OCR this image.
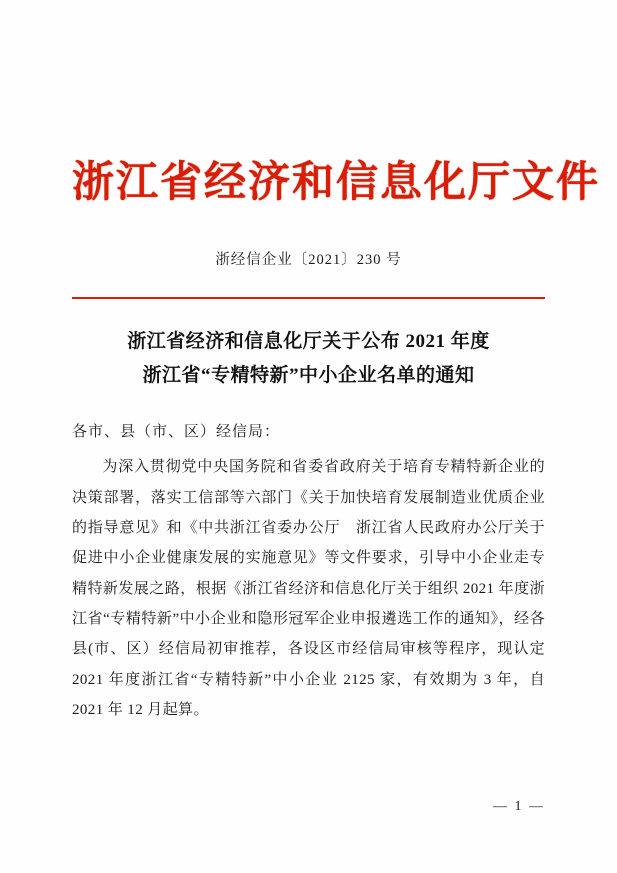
浙江省经济和信息化厅文件
浙经信企业〔2021〕230 号
浙江省经济和信息化厅关于公布 2021 年度
浙江省“专精特新”中小企业名单的通知
各市、县（市、区）经信局：
为深入贯彻党中央国务院和省委省政府关于培育专精特新企业的决策部署，落实工信部等六部门《关于加快培育发展制造业优质企业的指导意见》和《中共浙江省委办公厅　浙江省人民政府办公厅关于促进中小企业健康发展的实施意见》等文件要求，引导中小企业走专精特新发展之路，根据《浙江省经济和信息化厅关于组织 2021 年度浙江省“专精特新”中小企业和隐形冠军企业申报遴选工作的通知》，经各县(市、区）经信局初审推荐，各设区市经信局审核等程序，现认定 2021 年度浙江省“专精特新”中小企业 2125 家，有效期为 3 年，自 2021 年 12 月起算。
— 1 —
